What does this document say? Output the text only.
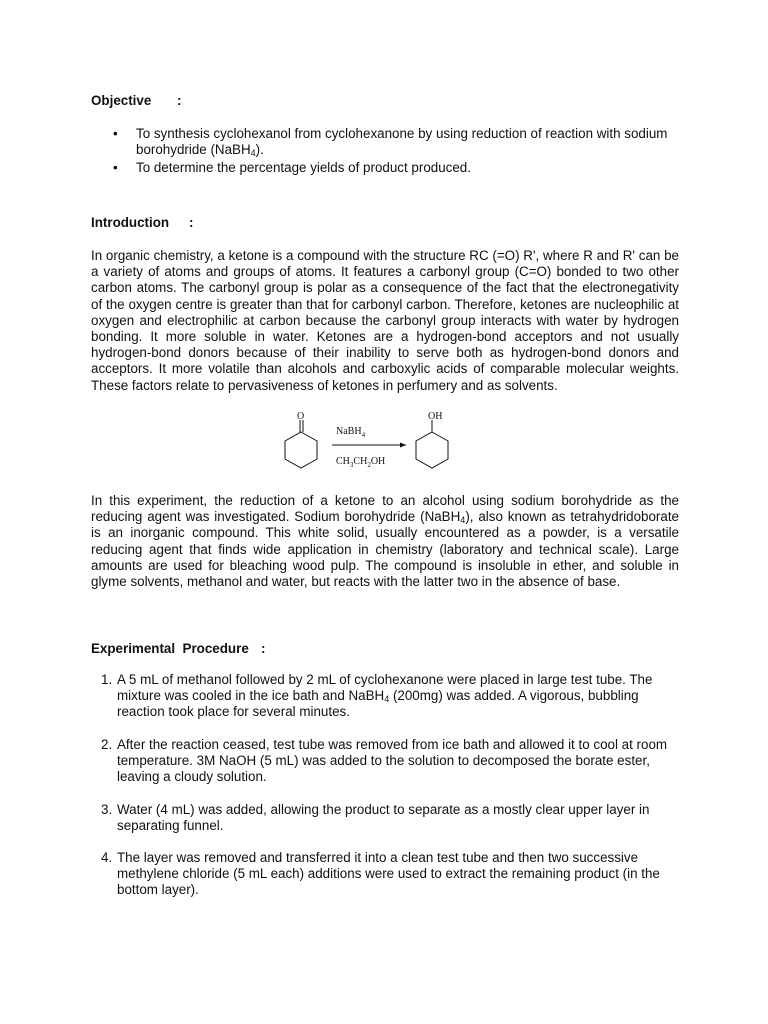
Objective :
• To synthesis cyclohexanol from cyclohexanone by using reduction of reaction with sodium borohydride (NaBH$_4$).
• To determine the percentage yields of product produced.
Introduction :
In organic chemistry, a ketone is a compound with the structure RC (=O) R', where R and R' can be a variety of atoms and groups of atoms. It features a carbonyl group (C=O) bonded to two other carbon atoms. The carbonyl group is polar as a consequence of the fact that the electronegativity of the oxygen centre is greater than that for carbonyl carbon. Therefore, ketones are nucleophilic at oxygen and electrophilic at carbon because the carbonyl group interacts with water by hydrogen bonding. It more soluble in water. Ketones are a hydrogen-bond acceptors and not usually hydrogen-bond donors because of their inability to serve both as hydrogen-bond donors and acceptors. It more volatile than alcohols and carboxylic acids of comparable molecular weights. These factors relate to pervasiveness of ketones in perfumery and as solvents.
In this experiment, the reduction of a ketone to an alcohol using sodium borohydride as the reducing agent was investigated. Sodium borohydride (NaBH$_4$), also known as tetrahydridoborate is an inorganic compound. This white solid, usually encountered as a powder, is a versatile reducing agent that finds wide application in chemistry (laboratory and technical scale). Large amounts are used for bleaching wood pulp. The compound is insoluble in ether, and soluble in glyme solvents, methanol and water, but reacts with the latter two in the absence of base.
Experimental  Procedure :
1. A 5 mL of methanol followed by 2 mL of cyclohexanone were placed in large test tube. The mixture was cooled in the ice bath and NaBH$_4$ (200mg) was added. A vigorous, bubbling reaction took place for several minutes.
2. After the reaction ceased, test tube was removed from ice bath and allowed it to cool at room temperature. 3M NaOH (5 mL) was added to the solution to decomposed the borate ester, leaving a cloudy solution.
3. Water (4 mL) was added, allowing the product to separate as a mostly clear upper layer in separating funnel.
4. The layer was removed and transferred it into a clean test tube and then two successive methylene chloride (5 mL each) additions were used to extract the remaining product (in the bottom layer).
O
NaBH$_4$
$CH_3CH_2OH$
OH
